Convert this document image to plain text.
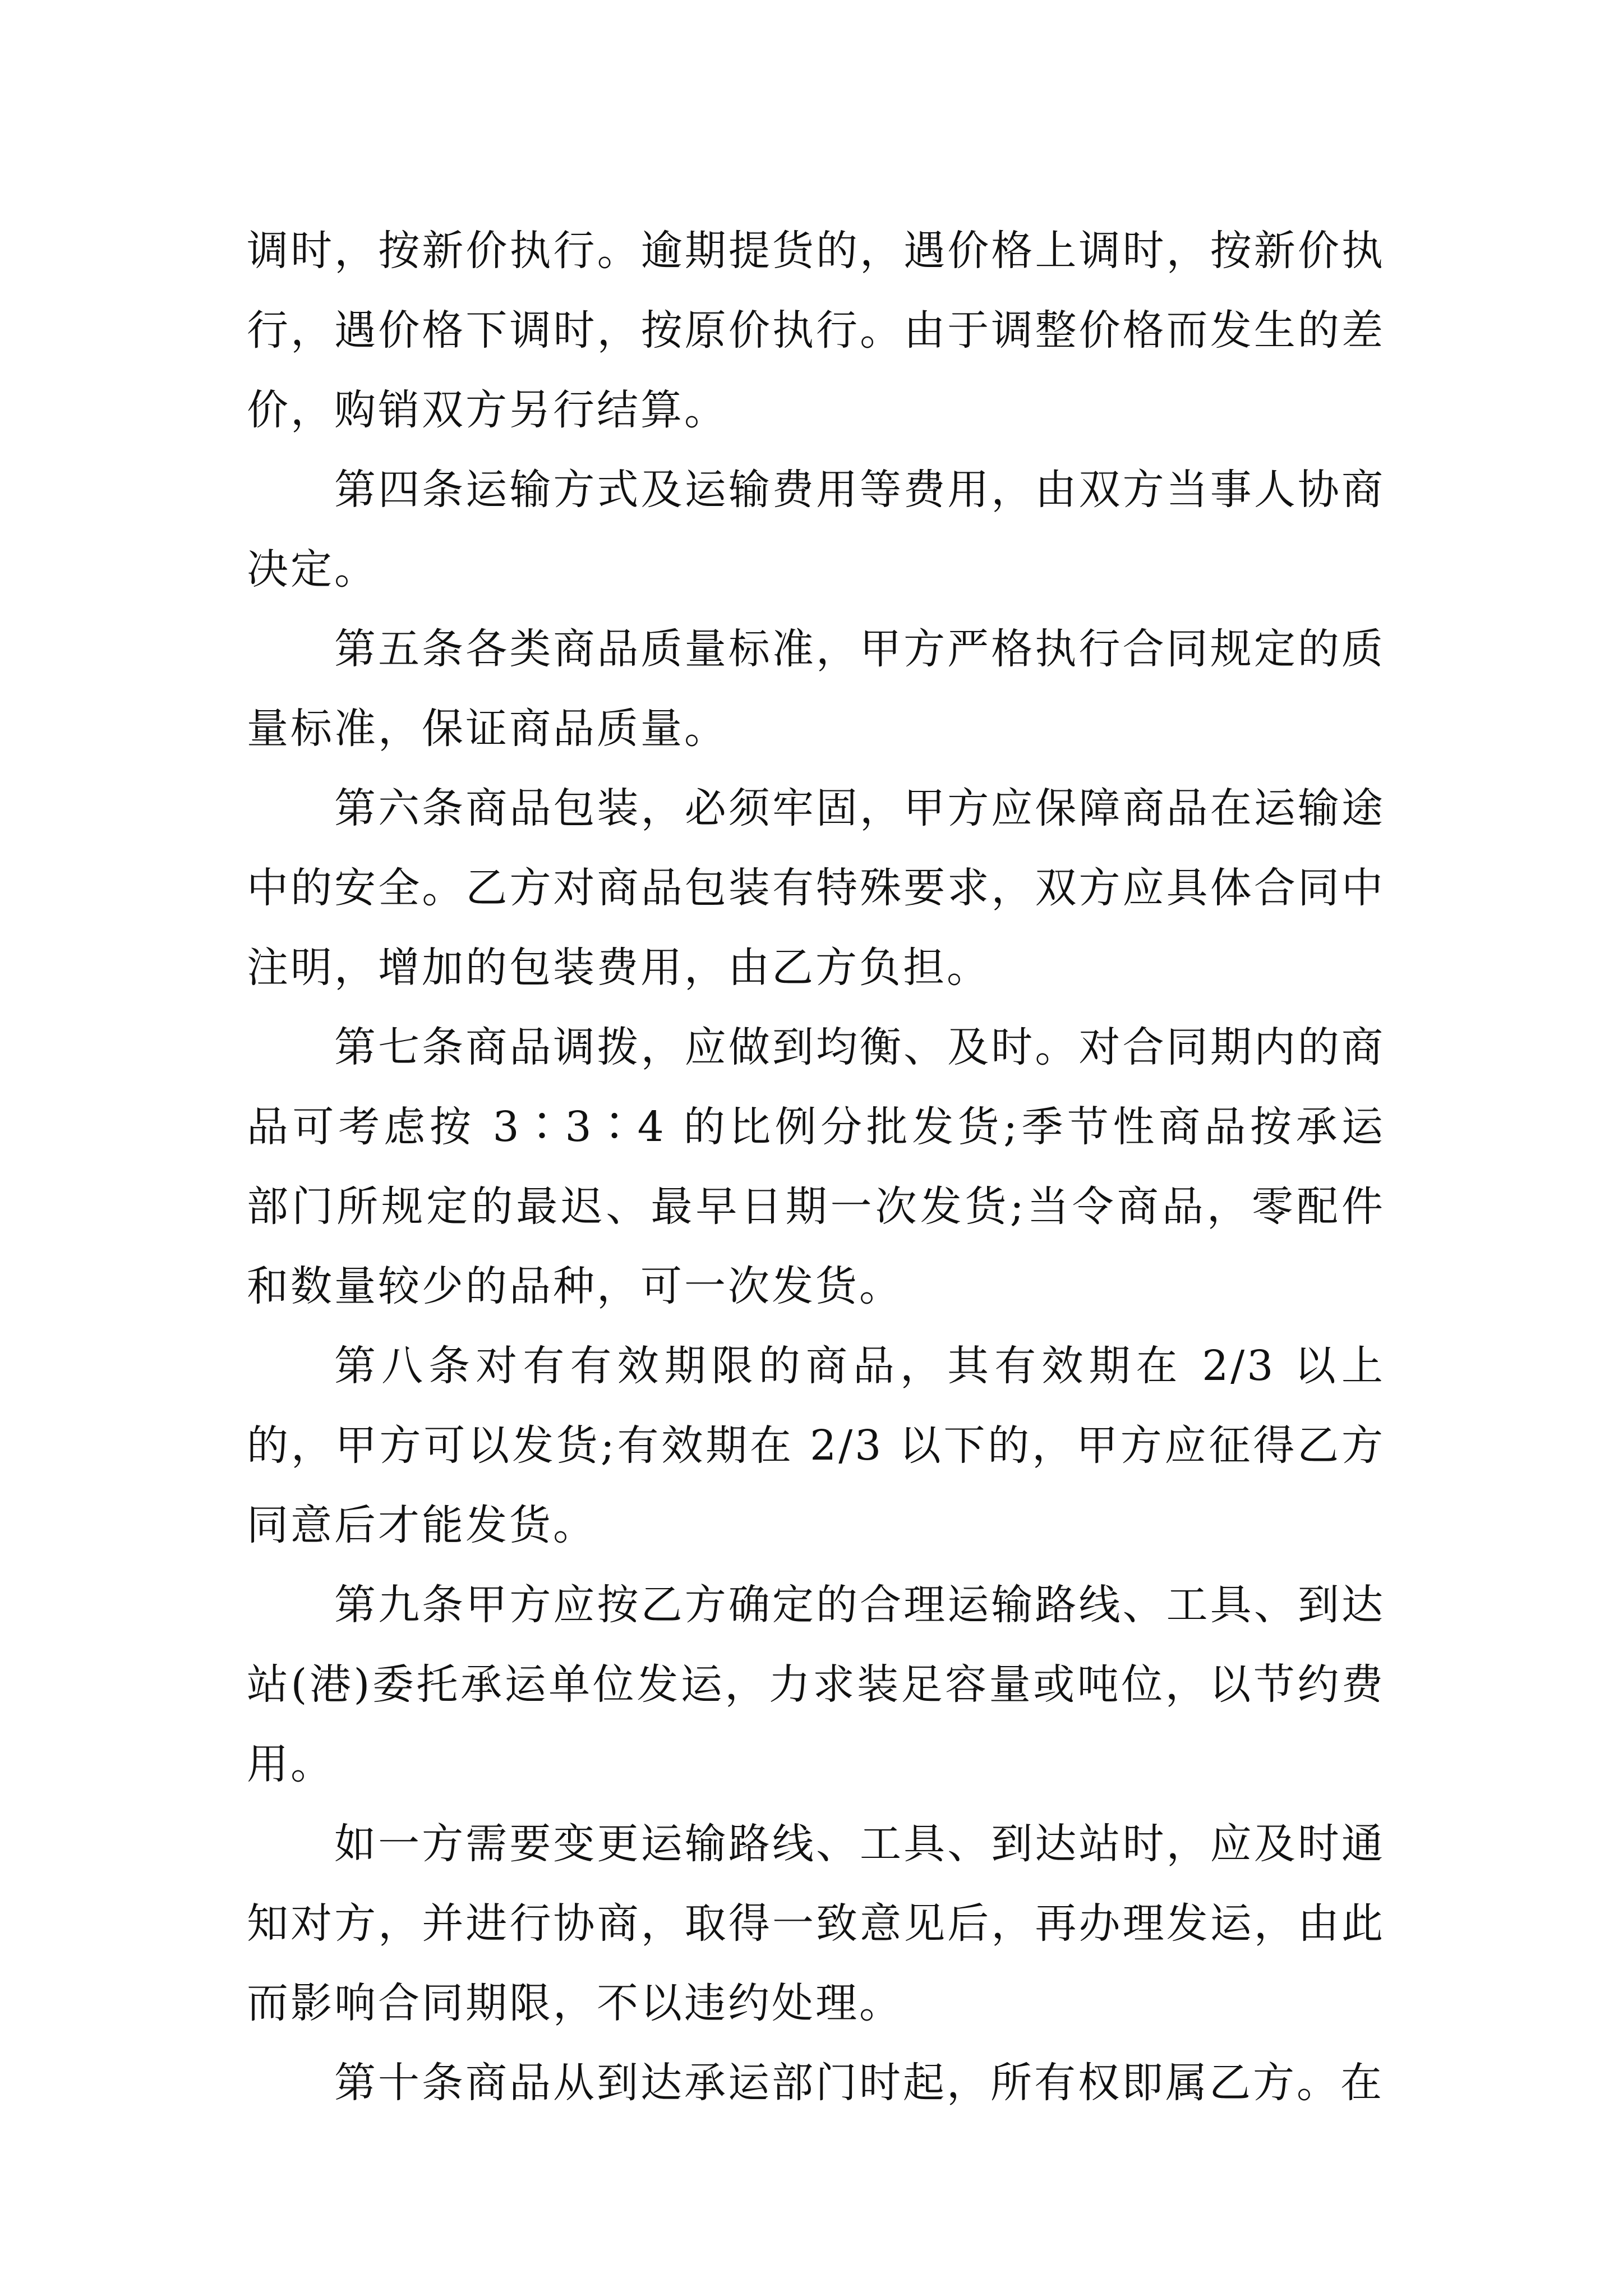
调时，按新价执行。逾期提货的，遇价格上调时，按新价执行，遇价格下调时，按原价执行。由于调整价格而发生的差价，购销双方另行结算。

第四条运输方式及运输费用等费用，由双方当事人协商决定。

第五条各类商品质量标准，甲方严格执行合同规定的质量标准，保证商品质量。

第六条商品包装，必须牢固，甲方应保障商品在运输途中的安全。乙方对商品包装有特殊要求，双方应具体合同中注明，增加的包装费用，由乙方负担。

第七条商品调拨，应做到均衡、及时。对合同期内的商品可考虑按 3∶3∶4 的比例分批发货;季节性商品按承运部门所规定的最迟、最早日期一次发货;当令商品，零配件和数量较少的品种，可一次发货。

第八条对有有效期限的商品，其有效期在 2/3 以上的，甲方可以发货;有效期在 2/3 以下的，甲方应征得乙方同意后才能发货。

第九条甲方应按乙方确定的合理运输路线、工具、到达站(港)委托承运单位发运，力求装足容量或吨位，以节约费用。

如一方需要变更运输路线、工具、到达站时，应及时通知对方，并进行协商，取得一致意见后，再办理发运，由此而影响合同期限，不以违约处理。

第十条商品从到达承运部门时起，所有权即属乙方。在
